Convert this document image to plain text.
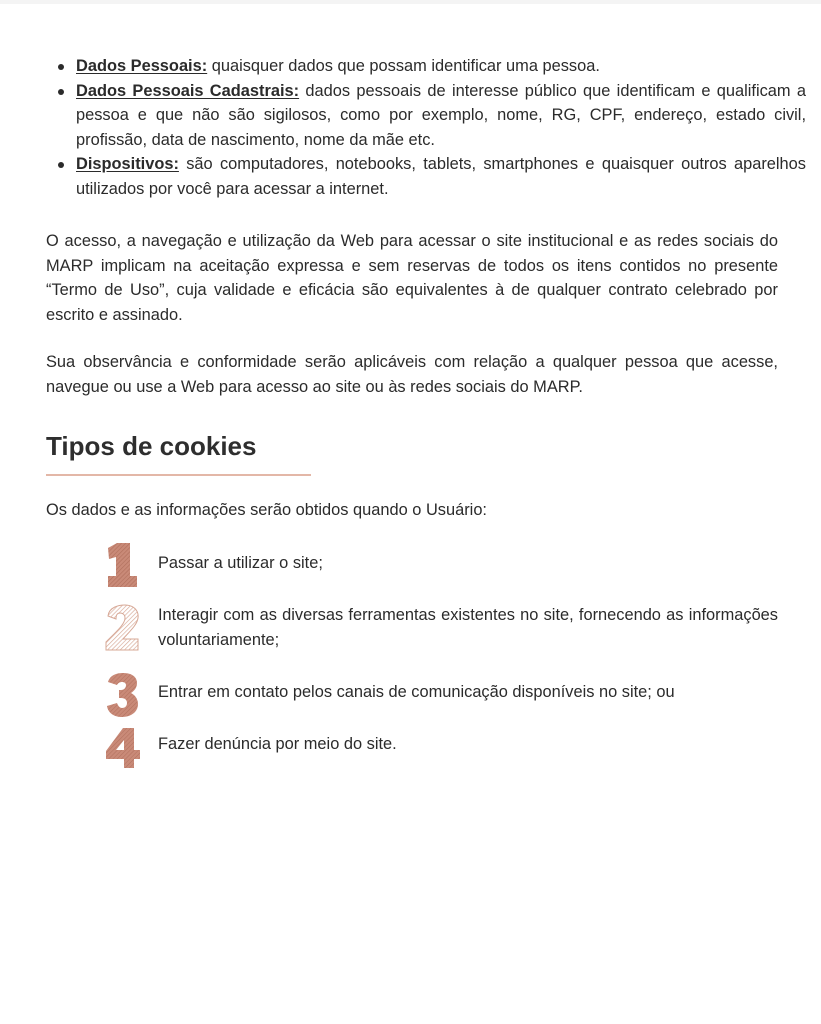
Dados Pessoais: quaisquer dados que possam identificar uma pessoa.
Dados Pessoais Cadastrais: dados pessoais de interesse público que identificam e qualificam a pessoa e que não são sigilosos, como por exemplo, nome, RG, CPF, endereço, estado civil, profissão, data de nascimento, nome da mãe etc.
Dispositivos: são computadores, notebooks, tablets, smartphones e quaisquer outros aparelhos utilizados por você para acessar a internet.

O acesso, a navegação e utilização da Web para acessar o site institucional e as redes sociais do MARP implicam na aceitação expressa e sem reservas de todos os itens contidos no presente “Termo de Uso”, cuja validade e eficácia são equivalentes à de qualquer contrato celebrado por escrito e assinado.

Sua observância e conformidade serão aplicáveis com relação a qualquer pessoa que acesse, navegue ou use a Web para acesso ao site ou às redes sociais do MARP.

Tipos de cookies

Os dados e as informações serão obtidos quando o Usuário:

Passar a utilizar o site;
Interagir com as diversas ferramentas existentes no site, fornecendo as informações voluntariamente;
Entrar em contato pelos canais de comunicação disponíveis no site; ou
Fazer denúncia por meio do site.
